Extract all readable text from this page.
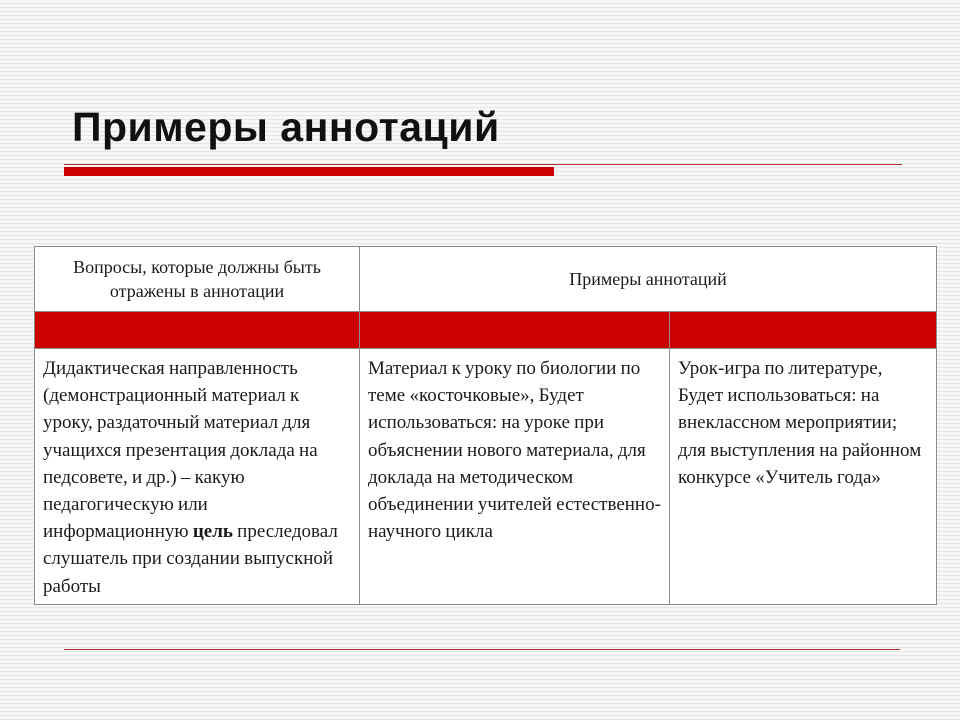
Примеры аннотаций
Вопросы, которые должны быть отражены в аннотации	Примеры аннотаций	

Дидактическая направленность (демонстрационный материал к уроку, раздаточный материал для учащихся презентация доклада на педсовете, и др.) – какую педагогическую или информационную цель преследовал слушатель при создании выпускной работы	Материал к уроку по биологии по теме «косточковые», Будет использоваться: на уроке при объяснении нового материала, для доклада на методическом объединении учителей естественно-научного цикла	Урок-игра по литературе, Будет использоваться: на внеклассном мероприятии; для выступления на районном конкурсе «Учитель года»
